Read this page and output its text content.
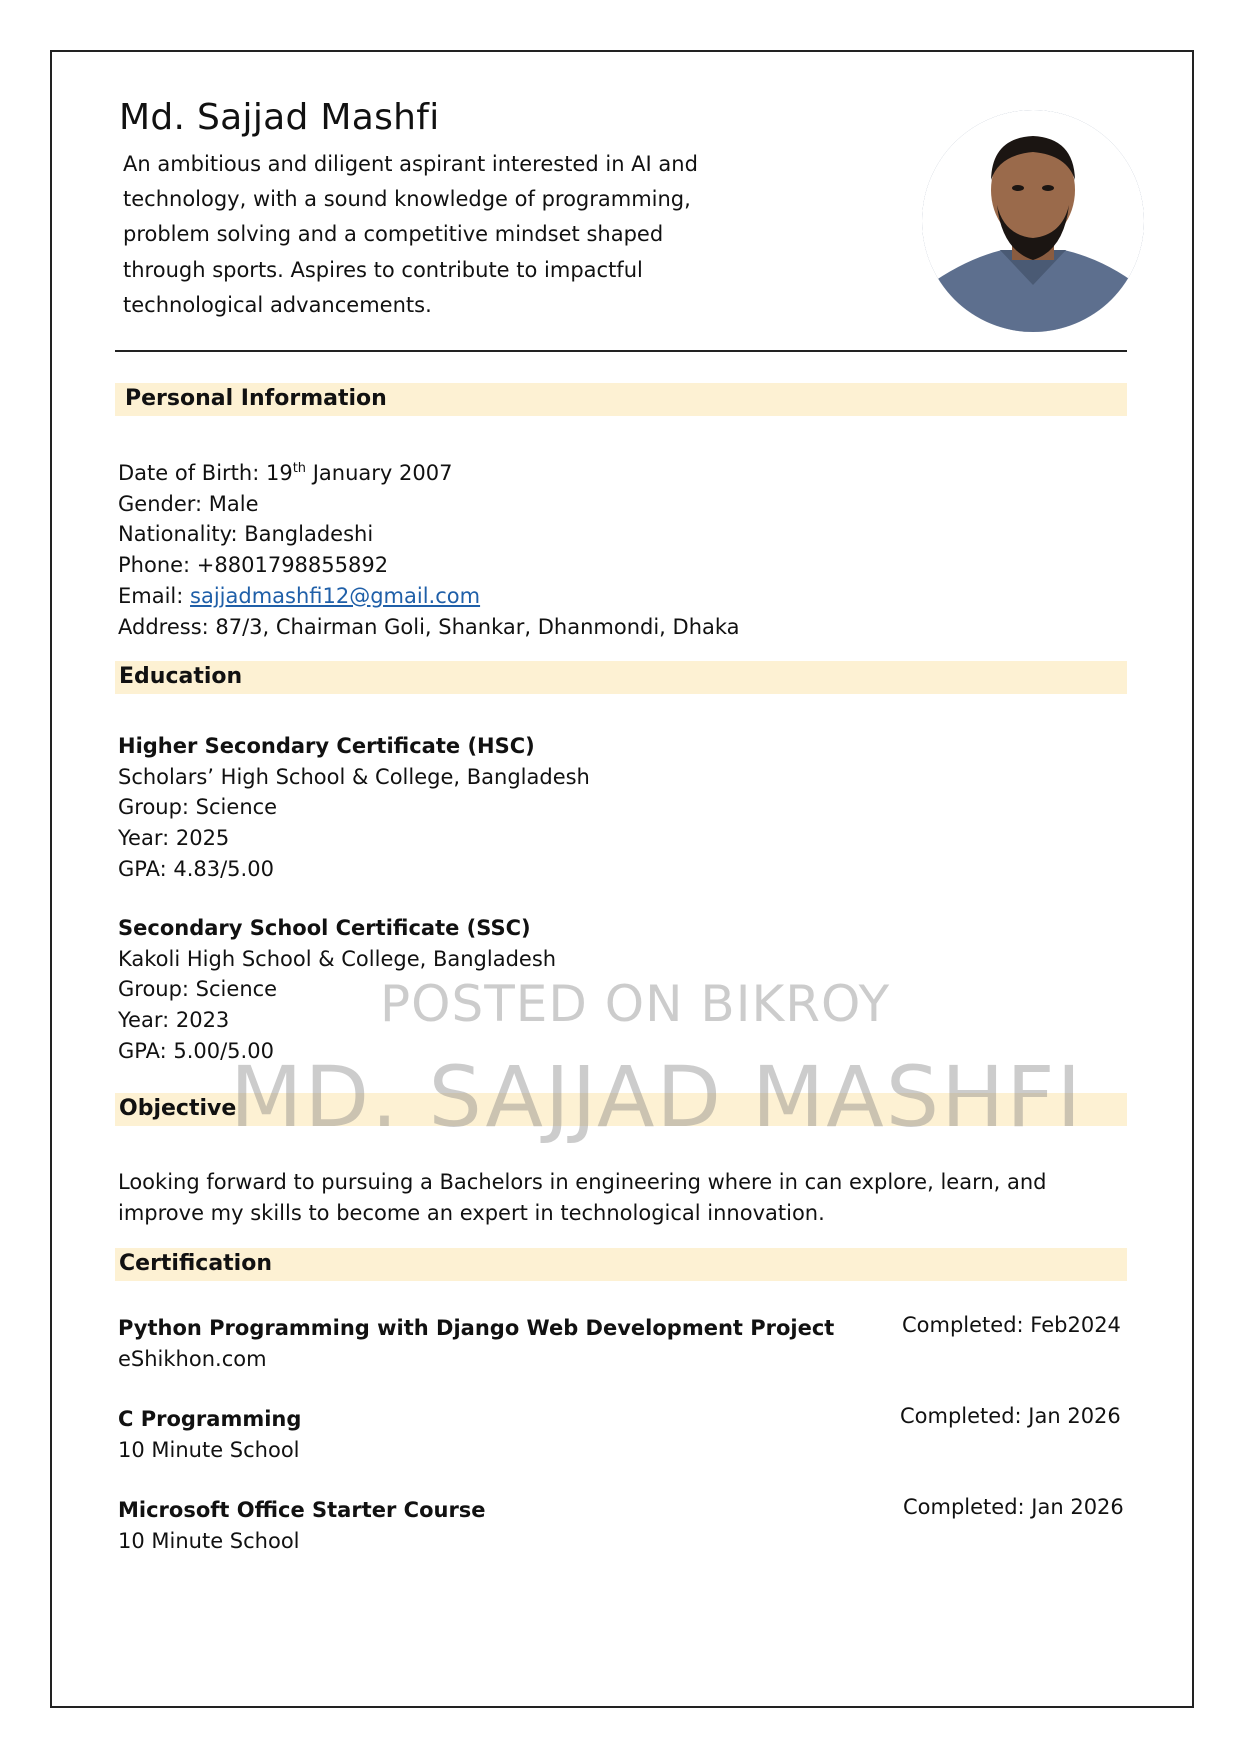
Md. Sajjad Mashfi
An ambitious and diligent aspirant interested in AI and technology, with a sound knowledge of programming, problem solving and a competitive mindset shaped through sports. Aspires to contribute to impactful technological advancements.
Personal Information
Date of Birth: 19th January 2007
Gender: Male
Nationality: Bangladeshi
Phone: +8801798855892
Email: sajjadmashfi12@gmail.com
Address: 87/3, Chairman Goli, Shankar, Dhanmondi, Dhaka
Education
Higher Secondary Certificate (HSC)
Scholars’ High School & College, Bangladesh
Group: Science
Year: 2025
GPA: 4.83/5.00
Secondary School Certificate (SSC)
Kakoli High School & College, Bangladesh
Group: Science
Year: 2023
GPA: 5.00/5.00
Objective
Looking forward to pursuing a Bachelors in engineering where in can explore, learn, and improve my skills to become an expert in technological innovation.
Certification
Python Programming with Django Web Development Project
eShikhon.com
Completed: Feb2024
C Programming
10 Minute School
Completed: Jan 2026
Microsoft Office Starter Course
10 Minute School
Completed: Jan 2026
POSTED ON BIKROY
MD. SAJJAD MASHFI
